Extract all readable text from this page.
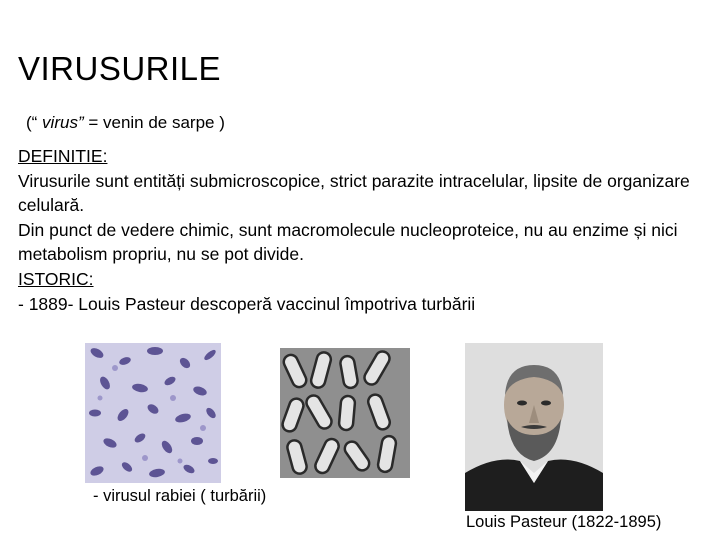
VIRUSURILE
(“ virus” = venin de sarpe )

DEFINITIE:

Virusurile sunt entități submicroscopice, strict parazite intracelular, lipsite de organizare celulară.

Din punct de vedere chimic, sunt macromolecule nucleoproteice, nu au enzime și nici metabolism propriu, nu se pot divide.

ISTORIC:

- 1889- Louis Pasteur descoperă vaccinul împotriva turbării

- virusul rabiei ( turbării)
Louis Pasteur (1822-1895)
